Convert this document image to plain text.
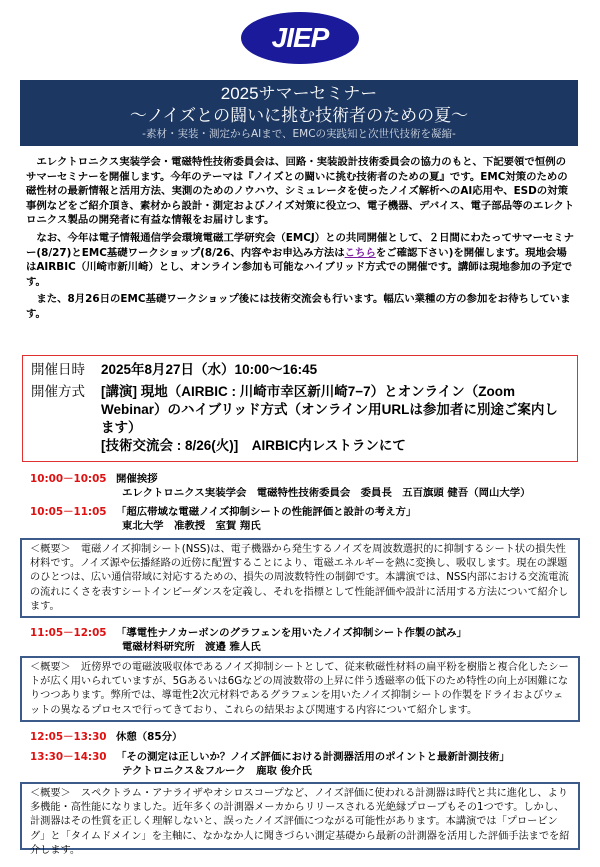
JIEP
2025サマーセミナー
～ノイズとの闘いに挑む技術者のための夏～
-素材・実装・測定からAIまで、EMCの実践知と次世代技術を凝縮-

エレクトロニクス実装学会・電磁特性技術委員会は、回路・実装設計技術委員会の協力のもと、下記要領で恒例のサマーセミナーを開催します。今年のテーマは『ノイズとの闘いに挑む技術者のための夏』です。EMC対策のための磁性材の最新情報と活用方法、実測のためのノウハウ、シミュレータを使ったノイズ解析へのAI応用や、ESDの対策事例などをご紹介頂き、素材から設計・測定およびノイズ対策に役立つ、電子機器、デバイス、電子部品等のエレクトロニクス製品の開発者に有益な情報をお届けします。

なお、今年は電子情報通信学会環境電磁工学研究会（EMCJ）との共同開催として、２日間にわたってサマーセミナー(8/27)とEMC基礎ワークショップ(8/26、内容やお申込み方法はこちらをご確認下さい)を開催します。現地会場はAIRBIC（川崎市新川崎）とし、オンライン参加も可能なハイブリッド方式での開催です。講師は現地参加の予定です。

また、8月26日のEMC基礎ワークショップ後には技術交流会も行います。幅広い業種の方の参加をお待ちしています。

開催日時	2025年8月27日（水）10:00～16:45
開催方式	[講演] 現地（AIRBIC : 川崎市幸区新川崎7−7）とオンライン（Zoom Webinar）のハイブリッド方式（オンライン用URLは参加者に別途ご案内します）
[技術交流会 : 8/26(火)]　AIRBIC内レストランにて
10:00－10:05 開催挨拶
エレクトロニクス実装学会　電磁特性技術委員会　委員長　五百旗頭 健吾（岡山大学）
10:05－11:05 「超広帯域な電磁ノイズ抑制シートの性能評価と設計の考え方」
東北大学　准教授　室賀 翔氏
＜概要＞　電磁ノイズ抑制シート(NSS)は、電子機器から発生するノイズを周波数選択的に抑制するシート状の損失性材料です。ノイズ源や伝播経路の近傍に配置することにより、電磁エネルギーを熱に変換し、吸収します。現在の課題のひとつは、広い通信帯域に対応するための、損失の周波数特性の制御です。本講演では、NSS内部における交流電流の流れにくさを表すシートインピーダンスを定義し、それを指標として性能評価や設計に活用する方法について紹介します。
11:05－12:05 「導電性ナノカーボンのグラフェンを用いたノイズ抑制シート作製の試み」
電磁材料研究所　渡邉 雅人氏
＜概要＞　近傍界での電磁波吸収体であるノイズ抑制シートとして、従来軟磁性材料の扁平粉を樹脂と複合化したシートが広く用いられていますが、5Gあるいは6Gなどの周波数帯の上昇に伴う透磁率の低下のため特性の向上が困難になりつつあります。弊所では、導電性2次元材料であるグラフェンを用いたノイズ抑制シートの作製をドライおよびウェットの異なるプロセスで行ってきており、これらの結果および関連する内容について紹介します。
12:05－13:30 休憩（85分）
13:30－14:30 「その測定は正しいか？ノイズ評価における計測器活用のポイントと最新計測技術」
テクトロニクス＆フルーク　鹿取 俊介氏
＜概要＞　スペクトラム・アナライザやオシロスコープなど、ノイズ評価に使われる計測器は時代と共に進化し、より多機能・高性能になりました。近年多くの計測器メーカからリリースされる光絶縁プローブもその1つです。しかし、計測器はその性質を正しく理解しないと、誤ったノイズ評価につながる可能性があります。本講演では「プロービング」と「タイムドメイン」を主軸に、なかなか人に聞きづらい測定基礎から最新の計測器を活用した評価手法までを紹介します。
